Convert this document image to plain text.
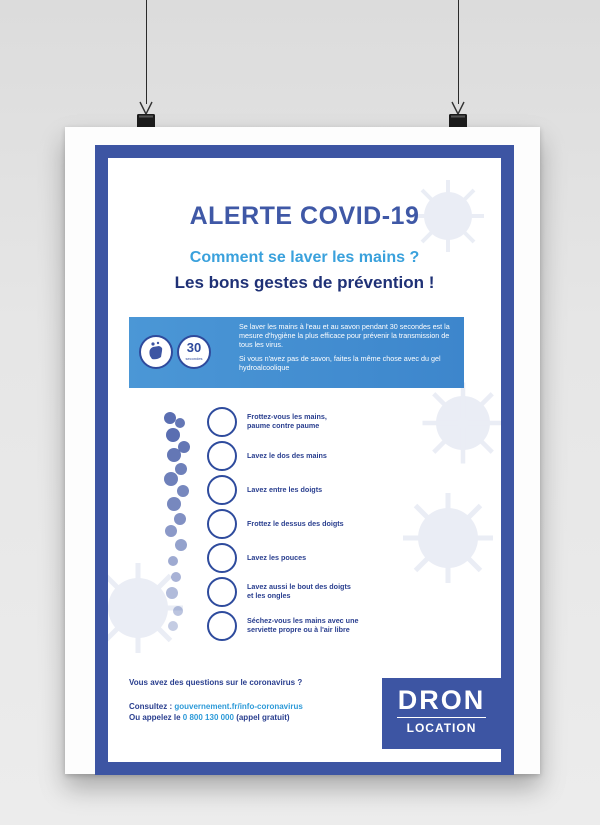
ALERTE COVID-19
Comment se laver les mains ?
Les bons gestes de prévention !
30
secondes
Se laver les mains à l'eau et au savon pendant 30 secondes est la mesure d'hygiène la plus efficace pour prévenir la transmission de tous les virus.
Si vous n'avez pas de savon, faites la même chose avec du gel hydroalcoolique
Frottez-vous les mains,
paume contre paume
Lavez le dos des mains
Lavez entre les doigts
Frottez le dessus des doigts
Lavez les pouces
Lavez aussi le bout des doigts
et les ongles
Séchez-vous les mains avec une
serviette propre ou à l'air libre
Vous avez des questions sur le coronavirus ?
Consultez : gouvernement.fr/info-coronavirus
Ou appelez le 0 800 130 000 (appel gratuit)
DRON
LOCATION
